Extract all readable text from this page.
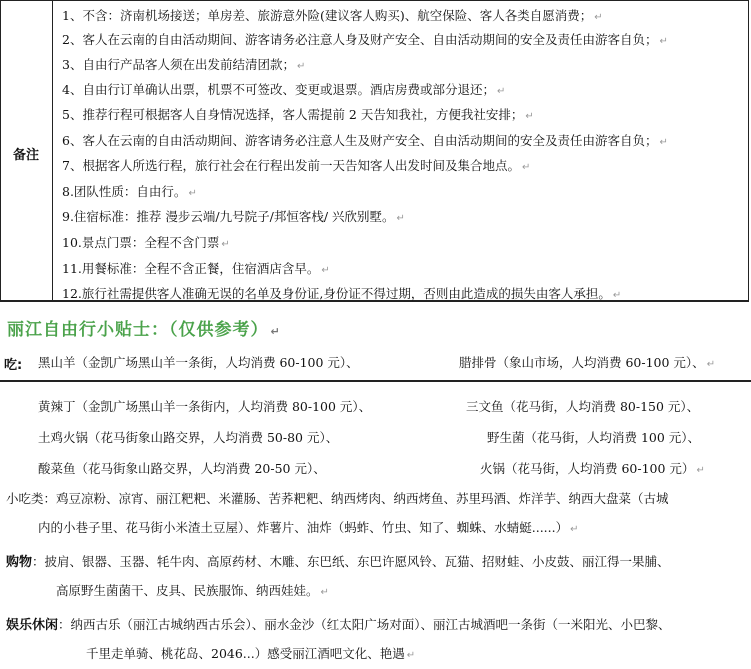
备注
1、不含：济南机场接送；单房差、旅游意外险(建议客人购买)、航空保险、客人各类自愿消费； ↵
2、客人在云南的自由活动期间、游客请务必注意人身及财产安全、自由活动期间的安全及责任由游客自负； ↵
3、自由行产品客人须在出发前结清团款； ↵
4、自由行订单确认出票，机票不可签改、变更或退票。酒店房费或部分退还； ↵
5、推荐行程可根据客人自身情况选择，客人需提前 2 天告知我社，方便我社安排； ↵
6、客人在云南的自由活动期间、游客请务必注意人生及财产安全、自由活动期间的安全及责任由游客自负； ↵
7、根据客人所选行程，旅行社会在行程出发前一天告知客人出发时间及集合地点。 ↵
8.团队性质：自由行。 ↵
9.住宿标准：推荐 漫步云端/九号院子/邦恒客栈/ 兴欣别墅。 ↵
10.景点门票：全程不含门票 ↵
11.用餐标准：全程不含正餐，住宿酒店含早。 ↵
12.旅行社需提供客人准确无误的名单及身份证,身份证不得过期，否则由此造成的损失由客人承担。 ↵
丽江自由行小贴士：（仅供参考） ↵
吃: 黑山羊（金凯广场黑山羊一条街，人均消费 60-100 元）、	腊排骨（象山市场，人均消费 60-100 元）、 ↵
黄辣丁（金凯广场黑山羊一条街内，人均消费 80-100 元）、	三文鱼（花马街，人均消费 80-150 元）、
土鸡火锅（花马街象山路交界，人均消费 50-80 元）、	野生菌（花马街，人均消费 100 元）、
酸菜鱼（花马街象山路交界，人均消费 20-50 元）、	火锅（花马街，人均消费 60-100 元） ↵
小吃类：鸡豆凉粉、凉宵、丽江粑粑、米灌肠、苦荞粑粑、纳西烤肉、纳西烤鱼、苏里玛酒、炸洋芋、纳西大盘菜（古城
内的小巷子里、花马街小米渣土豆屋）、炸薯片、油炸（蚂蚱、竹虫、知了、蜘蛛、水蜻蜓......） ↵
购物：披肩、银器、玉器、牦牛肉、高原药材、木雕、东巴纸、东巴许愿风铃、瓦猫、招财蛙、小皮鼓、丽江得一果脯、
高原野生菌菌干、皮具、民族服饰、纳西娃娃。 ↵
娱乐休闲：纳西古乐（丽江古城纳西古乐会）、丽水金沙（红太阳广场对面）、丽江古城酒吧一条街（一米阳光、小巴黎、
千里走单骑、桃花岛、2046...）感受丽江酒吧文化、艳遇 ↵
